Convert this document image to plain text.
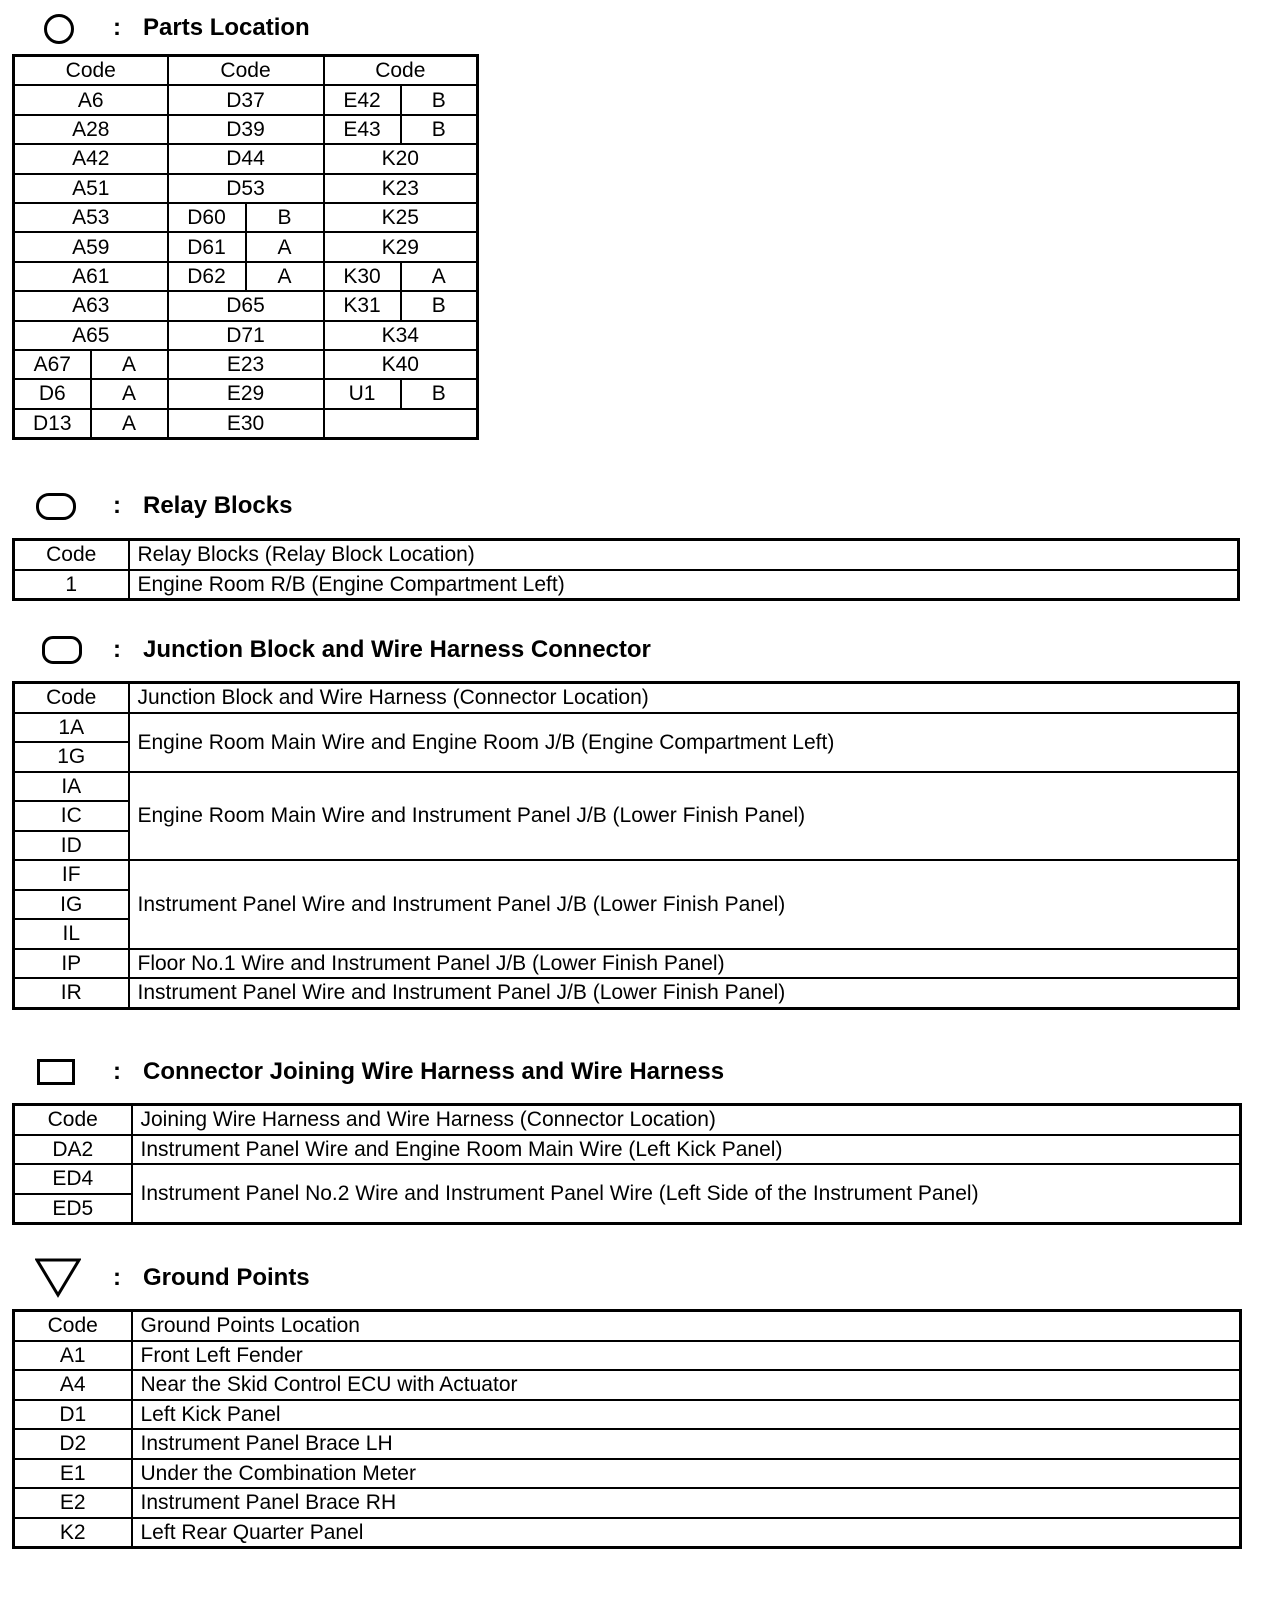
: Parts Location
Code		Code		Code	
A6		D37		E42	B
A28		D39		E43	B
A42		D44		K20	
A51		D53		K23	
A53		D60	B	K25	
A59		D61	A	K29	
A61		D62	A	K30	A
A63		D65		K31	B
A65		D71		K34	
A67	A	E23		K40	
D6	A	E29		U1	B
D13	A	E30			
: Relay Blocks
Code	Relay Blocks (Relay Block Location)
1	Engine Room R/B (Engine Compartment Left)
: Junction Block and Wire Harness Connector
Code	Junction Block and Wire Harness (Connector Location)
1A	Engine Room Main Wire and Engine Room J/B (Engine Compartment Left)
1G	
IA	Engine Room Main Wire and Instrument Panel J/B (Lower Finish Panel)
IC	
ID	
IF	Instrument Panel Wire and Instrument Panel J/B (Lower Finish Panel)
IG	
IL	
IP	Floor No.1 Wire and Instrument Panel J/B (Lower Finish Panel)
IR	Instrument Panel Wire and Instrument Panel J/B (Lower Finish Panel)
: Connector Joining Wire Harness and Wire Harness
Code	Joining Wire Harness and Wire Harness (Connector Location)
DA2	Instrument Panel Wire and Engine Room Main Wire (Left Kick Panel)
ED4	Instrument Panel No.2 Wire and Instrument Panel Wire (Left Side of the Instrument Panel)
ED5	
: Ground Points
Code	Ground Points Location
A1	Front Left Fender
A4	Near the Skid Control ECU with Actuator
D1	Left Kick Panel
D2	Instrument Panel Brace LH
E1	Under the Combination Meter
E2	Instrument Panel Brace RH
K2	Left Rear Quarter Panel
